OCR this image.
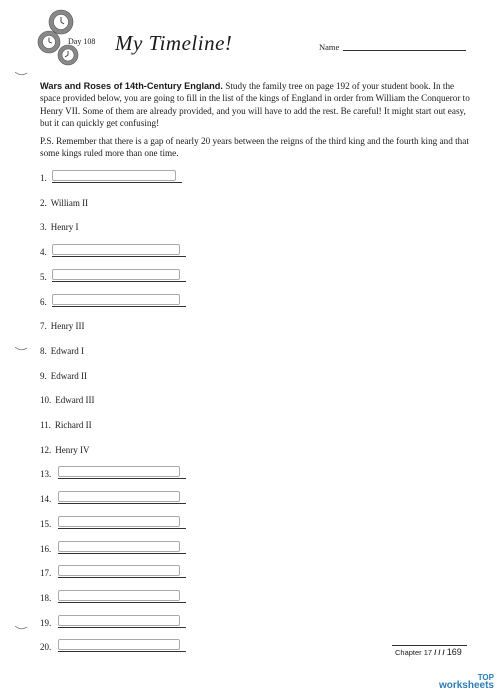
Day 108 My Timeline!	Name
Wars and Roses of 14th-Century England. Study the family tree on page 192 of your student book. In the space provided below, you are going to fill in the list of the kings of England in order from William the Conqueror to Henry VII. Some of them are already provided, and you will have to add the rest. Be careful! It might start out easy, but it can quickly get confusing!
P.S. Remember that there is a gap of nearly 20 years between the reigns of the third king and the fourth king and that some kings ruled more than one time.
1.
2. William II
3. Henry I
4.
5.
6.
7. Henry III
8. Edward I
9. Edward II
10. Edward III
11. Richard II
12. Henry IV
13.
14.
15.
16.
17.
18.
19.
20.
Chapter 17 / / / 169
TOP
worksheets
